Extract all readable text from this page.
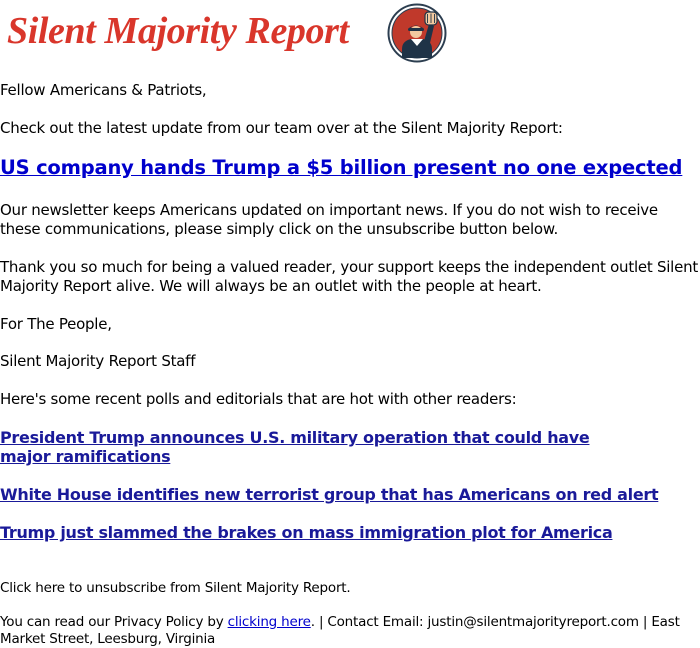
Silent Majority Report

Fellow Americans & Patriots,

Check out the latest update from our team over at the Silent Majority Report:

US company hands Trump a $5 billion present no one expected

Our newsletter keeps Americans updated on important news. If you do not wish to receive these communications, please simply click on the unsubscribe button below.

Thank you so much for being a valued reader, your support keeps the independent outlet Silent Majority Report alive. We will always be an outlet with the people at heart.

For The People,

Silent Majority Report Staff

Here's some recent polls and editorials that are hot with other readers:

President Trump announces U.S. military operation that could have major ramifications
White House identifies new terrorist group that has Americans on red alert
Trump just slammed the brakes on mass immigration plot for America

Click here to unsubscribe from Silent Majority Report.

You can read our Privacy Policy by clicking here. | Contact Email: justin@silentmajorityreport.com | East Market Street, Leesburg, Virginia
